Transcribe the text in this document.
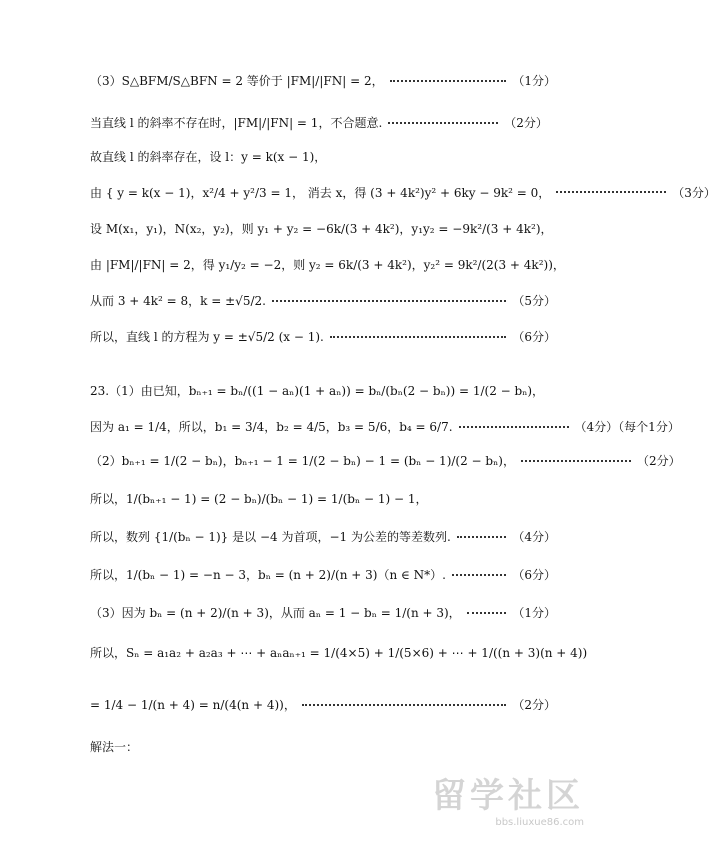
（3）S△BFM/S△BFN = 2 等价于 |FM|/|FN| = 2，	（1分）
当直线 l 的斜率不存在时，|FM|/|FN| = 1，不合题意.	（2分）
故直线 l 的斜率存在，设 l：y = k(x − 1)，
由 { y = k(x − 1)，x²/4 + y²/3 = 1， 消去 x，得 (3 + 4k²)y² + 6ky − 9k² = 0，	（3分）
设 M(x₁，y₁)，N(x₂，y₂)，则 y₁ + y₂ = −6k/(3 + 4k²)，y₁y₂ = −9k²/(3 + 4k²)，
由 |FM|/|FN| = 2，得 y₁/y₂ = −2，则 y₂ = 6k/(3 + 4k²)，y₂² = 9k²/(2(3 + 4k²))，
从而 3 + 4k² = 8，k = ±√5/2.	（5分）
所以，直线 l 的方程为 y = ±√5/2 (x − 1).	（6分）
23.（1）由已知，bₙ₊₁ = bₙ/((1 − aₙ)(1 + aₙ)) = bₙ/(bₙ(2 − bₙ)) = 1/(2 − bₙ)，
因为 a₁ = 1/4，所以，b₁ = 3/4，b₂ = 4/5，b₃ = 5/6，b₄ = 6/7.	（4分）（每个1分）
（2）bₙ₊₁ = 1/(2 − bₙ)，bₙ₊₁ − 1 = 1/(2 − bₙ) − 1 = (bₙ − 1)/(2 − bₙ)，	（2分）
所以，1/(bₙ₊₁ − 1) = (2 − bₙ)/(bₙ − 1) = 1/(bₙ − 1) − 1，
所以，数列 {1/(bₙ − 1)} 是以 −4 为首项，−1 为公差的等差数列.	（4分）
所以，1/(bₙ − 1) = −n − 3，bₙ = (n + 2)/(n + 3)（n ∈ N*）.	（6分）
（3）因为 bₙ = (n + 2)/(n + 3)，从而 aₙ = 1 − bₙ = 1/(n + 3)，	（1分）
所以，Sₙ = a₁a₂ + a₂a₃ + ⋯ + aₙaₙ₊₁ = 1/(4×5) + 1/(5×6) + ⋯ + 1/((n + 3)(n + 4))
= 1/4 − 1/(n + 4) = n/(4(n + 4))，	（2分）
解法一：
留学社区
bbs.liuxue86.com
